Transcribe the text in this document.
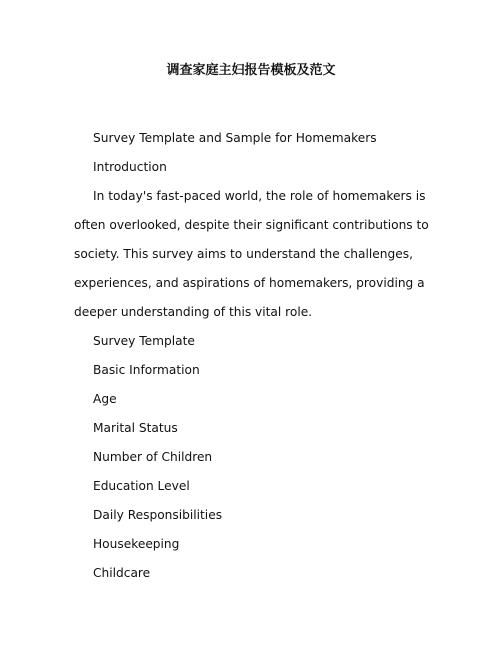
调查家庭主妇报告模板及范文

Survey Template and Sample for Homemakers

Introduction

In today's fast-paced world, the role of homemakers is often overlooked, despite their significant contributions to society. This survey aims to understand the challenges, experiences, and aspirations of homemakers, providing a deeper understanding of this vital role.

Survey Template

Basic Information

Age

Marital Status

Number of Children

Education Level

Daily Responsibilities

Housekeeping

Childcare
